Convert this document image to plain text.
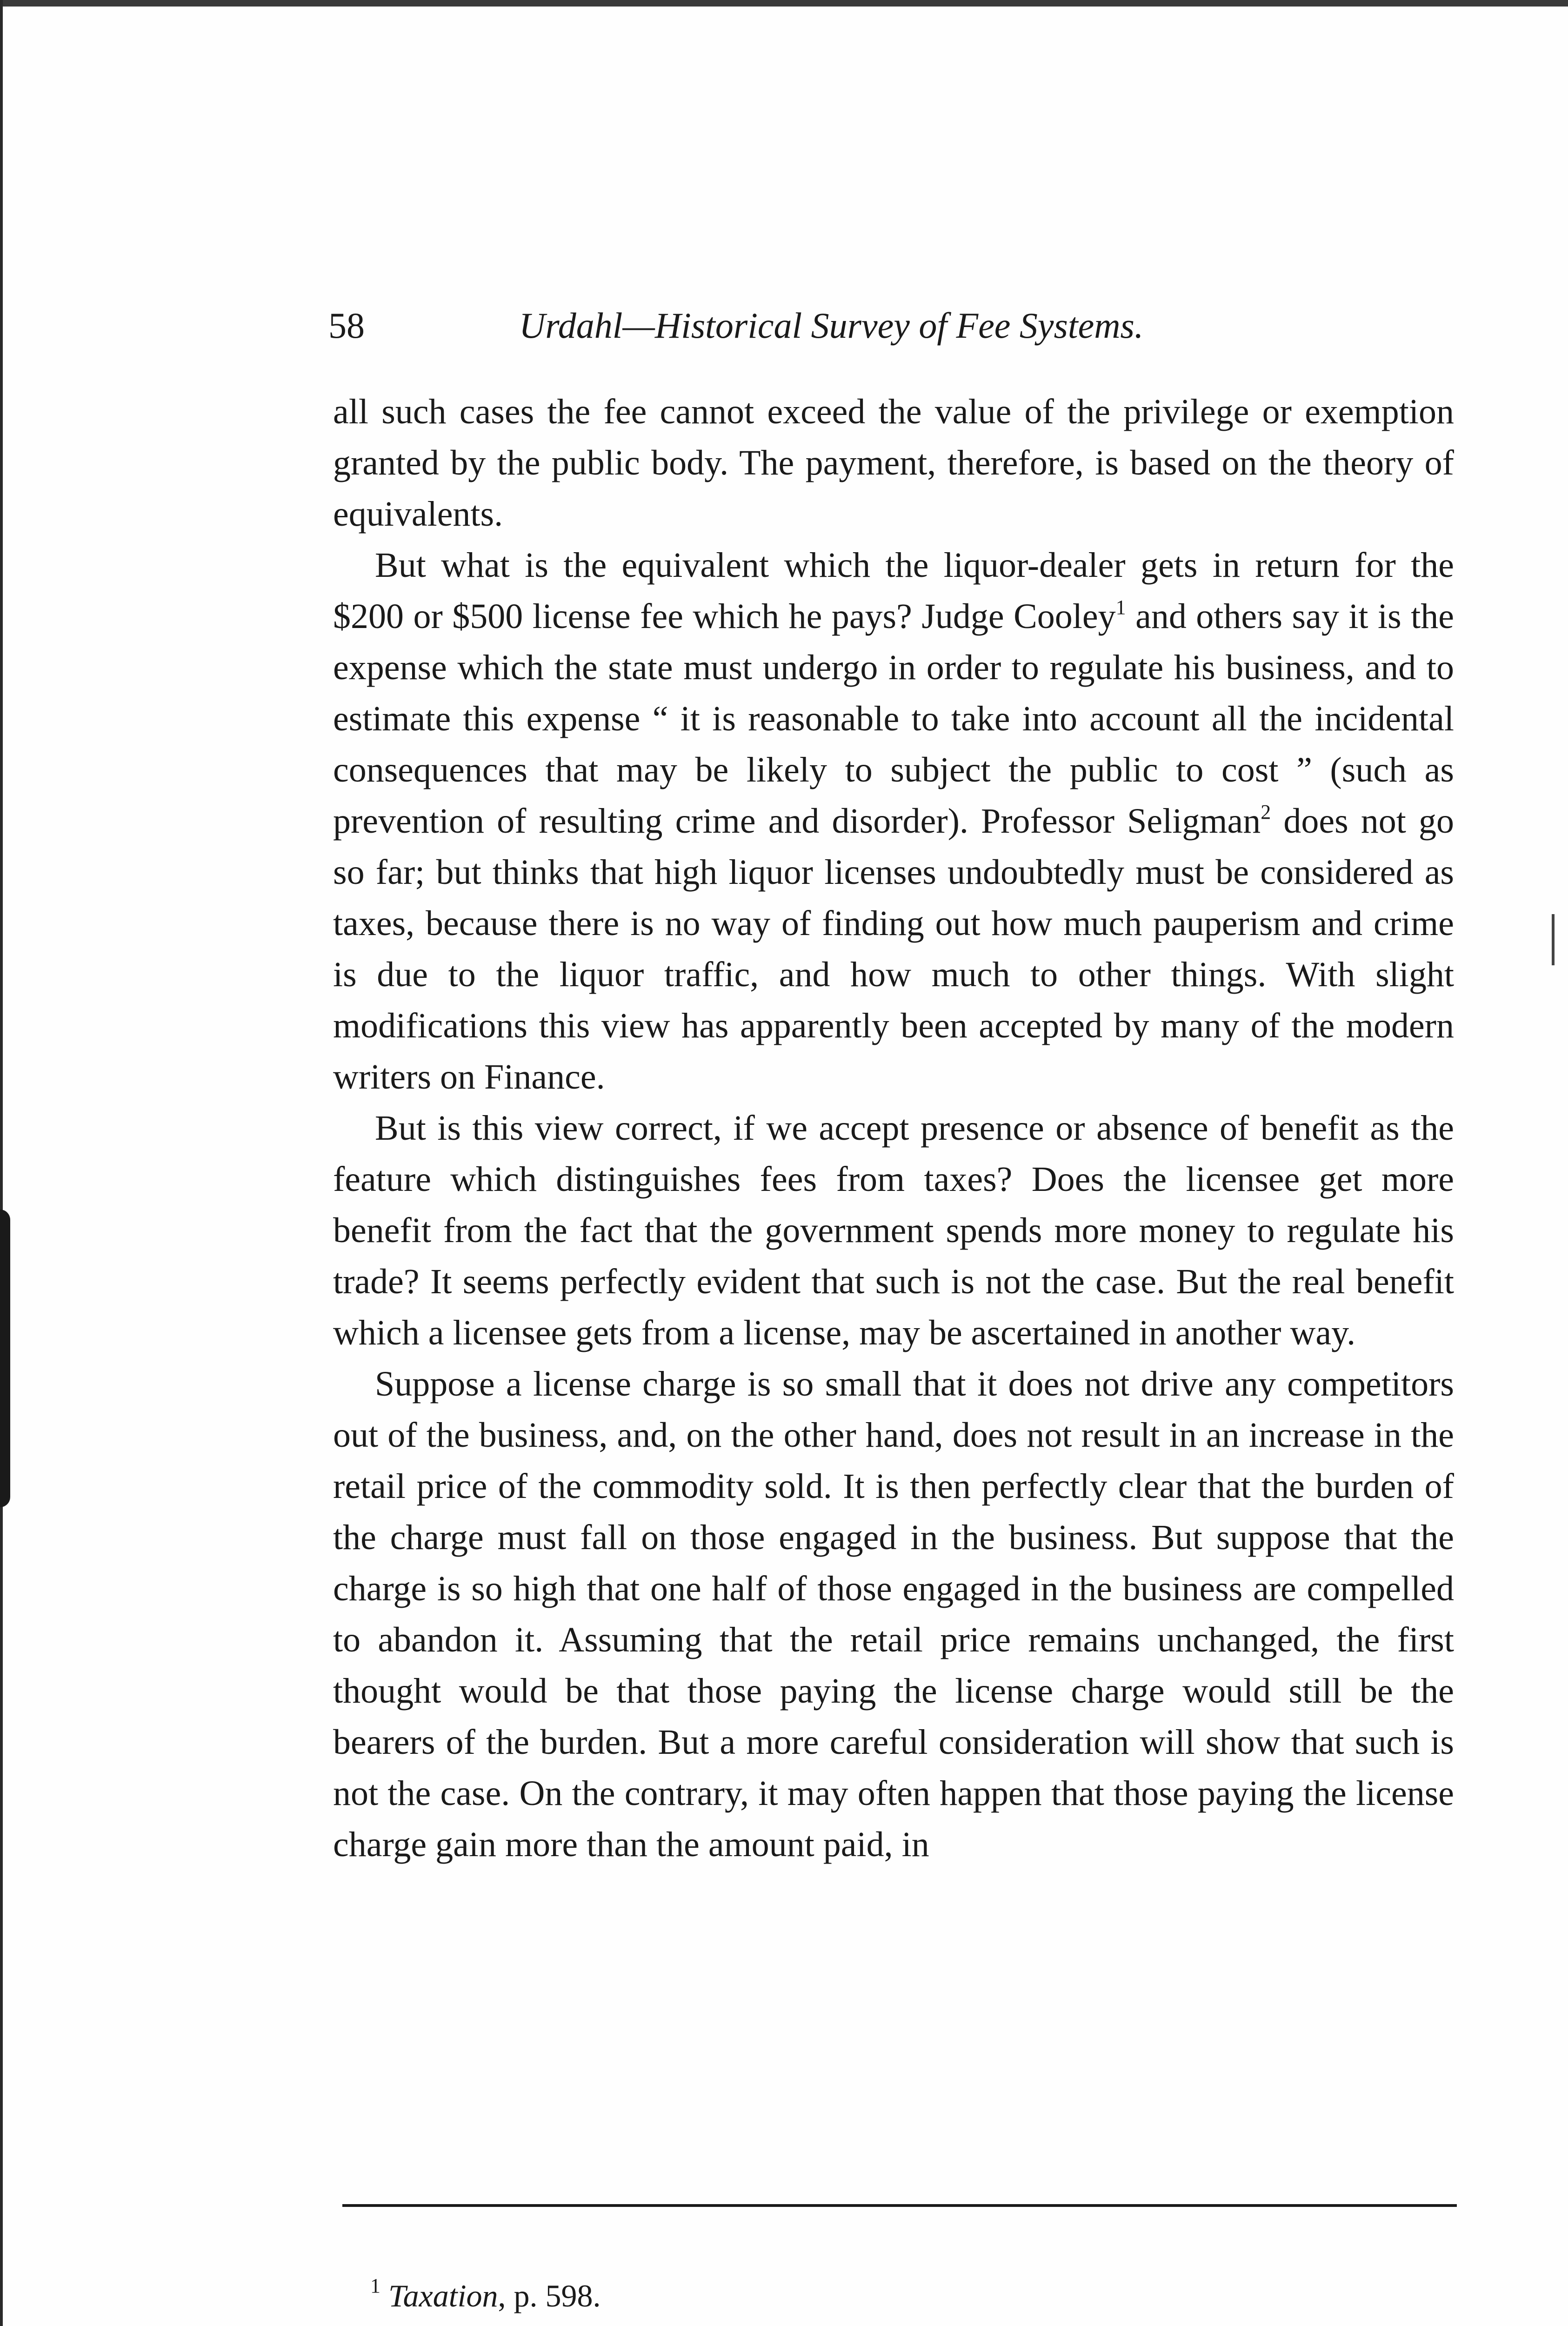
58	Urdahl—Historical Survey of Fee Systems.

all such cases the fee cannot exceed the value of the privilege or exemption granted by the public body. The payment, therefore, is based on the theory of equivalents.

But what is the equivalent which the liquor-dealer gets in return for the $200 or $500 license fee which he pays? Judge Cooley$^1$ and others say it is the expense which the state must undergo in order to regulate his business, and to estimate this expense “ it is reasonable to take into account all the incidental consequences that may be likely to subject the public to cost ” (such as prevention of resulting crime and disorder). Professor Seligman$^2$ does not go so far; but thinks that high liquor licenses undoubtedly must be considered as taxes, because there is no way of finding out how much pauperism and crime is due to the liquor traffic, and how much to other things. With slight modifications this view has apparently been accepted by many of the modern writers on Finance.

But is this view correct, if we accept presence or absence of benefit as the feature which distinguishes fees from taxes? Does the licensee get more benefit from the fact that the government spends more money to regulate his trade? It seems perfectly evident that such is not the case. But the real benefit which a licensee gets from a license, may be ascertained in another way.

Suppose a license charge is so small that it does not drive any competitors out of the business, and, on the other hand, does not result in an increase in the retail price of the commodity sold. It is then perfectly clear that the burden of the charge must fall on those engaged in the business. But suppose that the charge is so high that one half of those engaged in the business are compelled to abandon it. Assuming that the retail price remains unchanged, the first thought would be that those paying the license charge would still be the bearers of the burden. But a more careful consideration will show that such is not the case. On the contrary, it may often happen that those paying the license charge gain more than the amount paid, in

$^1$ Taxation, p. 598.
